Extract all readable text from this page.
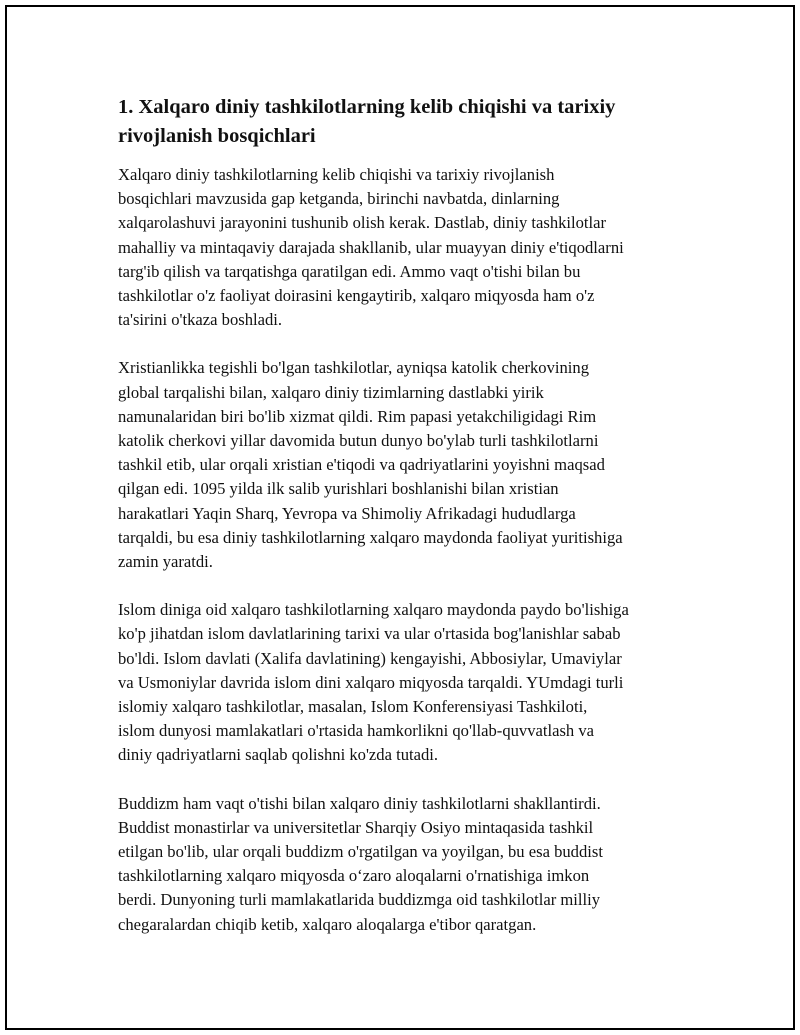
1. Xalqaro diniy tashkilotlarning kelib chiqishi va tarixiy
rivojlanish bosqichlari

Xalqaro diniy tashkilotlarning kelib chiqishi va tarixiy rivojlanish
bosqichlari mavzusida gap ketganda, birinchi navbatda, dinlarning
xalqarolashuvi jarayonini tushunib olish kerak. Dastlab, diniy tashkilotlar
mahalliy va mintaqaviy darajada shakllanib, ular muayyan diniy e'tiqodlarni
targ'ib qilish va tarqatishga qaratilgan edi. Ammo vaqt o'tishi bilan bu
tashkilotlar o'z faoliyat doirasini kengaytirib, xalqaro miqyosda ham o'z
ta'sirini o'tkaza boshladi.

Xristianlikka tegishli bo'lgan tashkilotlar, ayniqsa katolik cherkovining
global tarqalishi bilan, xalqaro diniy tizimlarning dastlabki yirik
namunalaridan biri bo'lib xizmat qildi. Rim papasi yetakchiligidagi Rim
katolik cherkovi yillar davomida butun dunyo bo'ylab turli tashkilotlarni
tashkil etib, ular orqali xristian e'tiqodi va qadriyatlarini yoyishni maqsad
qilgan edi. 1095 yilda ilk salib yurishlari boshlanishi bilan xristian
harakatlari Yaqin Sharq, Yevropa va Shimoliy Afrikadagi hududlarga
tarqaldi, bu esa diniy tashkilotlarning xalqaro maydonda faoliyat yuritishiga
zamin yaratdi.

Islom diniga oid xalqaro tashkilotlarning xalqaro maydonda paydo bo'lishiga
ko'p jihatdan islom davlatlarining tarixi va ular o'rtasida bog'lanishlar sabab
bo'ldi. Islom davlati (Xalifa davlatining) kengayishi, Abbosiylar, Umaviylar
va Usmoniylar davrida islom dini xalqaro miqyosda tarqaldi. YUmdagi turli
islomiy xalqaro tashkilotlar, masalan, Islom Konferensiyasi Tashkiloti,
islom dunyosi mamlakatlari o'rtasida hamkorlikni qo'llab-quvvatlash va
diniy qadriyatlarni saqlab qolishni ko'zda tutadi.

Buddizm ham vaqt o'tishi bilan xalqaro diniy tashkilotlarni shakllantirdi.
Buddist monastirlar va universitetlar Sharqiy Osiyo mintaqasida tashkil
etilgan bo'lib, ular orqali buddizm o'rgatilgan va yoyilgan, bu esa buddist
tashkilotlarning xalqaro miqyosda o‘zaro aloqalarni o'rnatishiga imkon
berdi. Dunyoning turli mamlakatlarida buddizmga oid tashkilotlar milliy
chegaralardan chiqib ketib, xalqaro aloqalarga e'tibor qaratgan.
